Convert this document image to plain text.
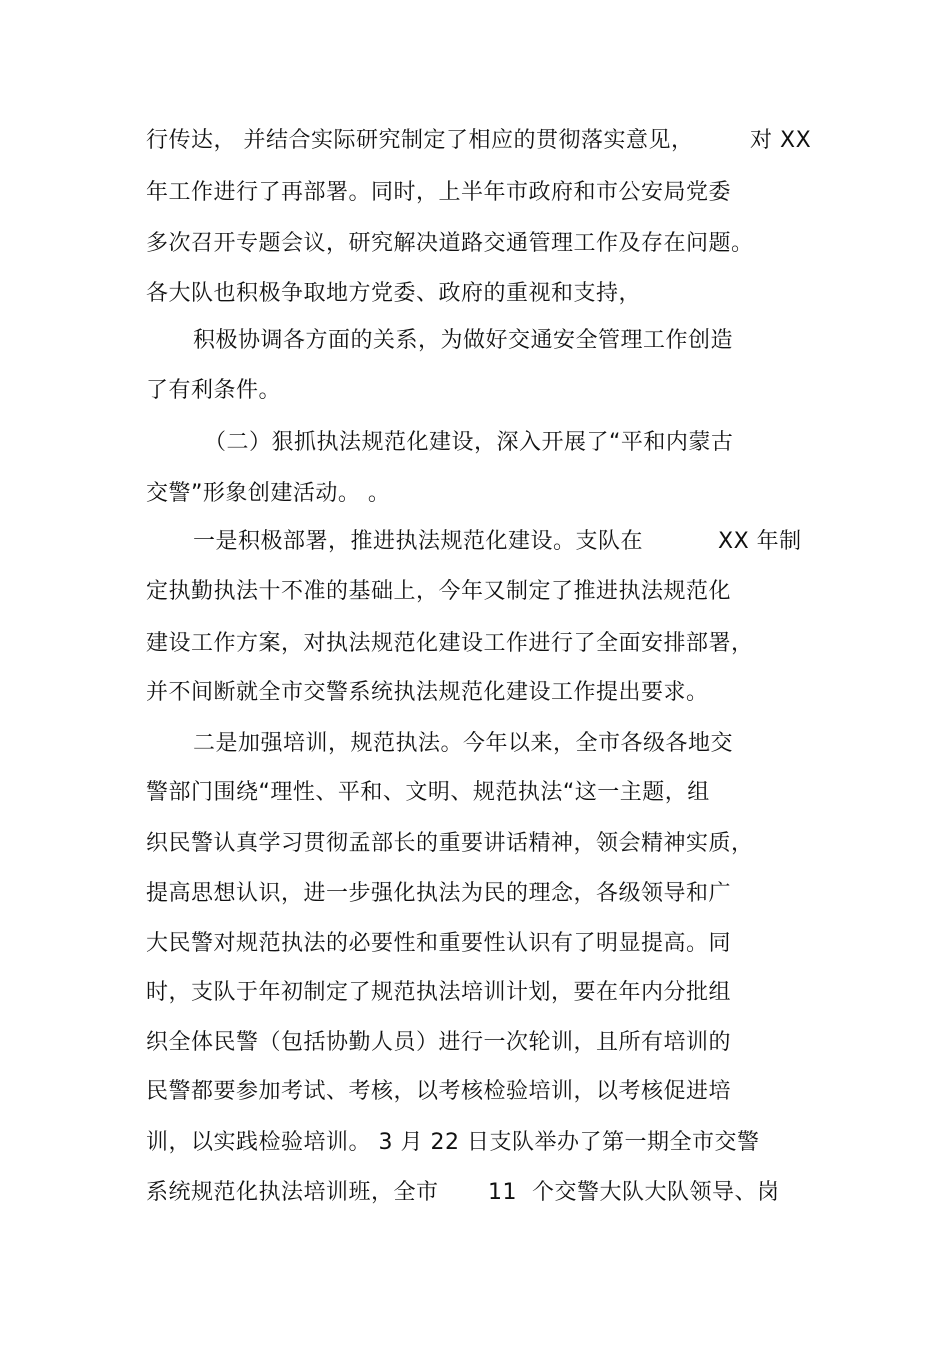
行传达， 并结合实际研究制定了相应的贯彻落实意见，	对 XX
年工作进行了再部署。同时，上半年市政府和市公安局党委
多次召开专题会议，研究解决道路交通管理工作及存在问题。
各大队也积极争取地方党委、政府的重视和支持，
积极协调各方面的关系，为做好交通安全管理工作创造
了有利条件。
（二）狠抓执法规范化建设，深入开展了“平和内蒙古
交警”形象创建活动。 。
一是积极部署，推进执法规范化建设。支队在	XX 年制
定执勤执法十不准的基础上，今年又制定了推进执法规范化
建设工作方案，对执法规范化建设工作进行了全面安排部署，
并不间断就全市交警系统执法规范化建设工作提出要求。
二是加强培训，规范执法。今年以来，全市各级各地交
警部门围绕“理性、平和、文明、规范执法“这一主题，组
织民警认真学习贯彻孟部长的重要讲话精神，领会精神实质，
提高思想认识，进一步强化执法为民的理念，各级领导和广
大民警对规范执法的必要性和重要性认识有了明显提高。同
时，支队于年初制定了规范执法培训计划，要在年内分批组
织全体民警（包括协勤人员）进行一次轮训，且所有培训的
民警都要参加考试、考核，以考核检验培训，以考核促进培
训，以实践检验培训。 3 月 22 日支队举办了第一期全市交警
系统规范化执法培训班，全市 11  个交警大队大队领导、岗
